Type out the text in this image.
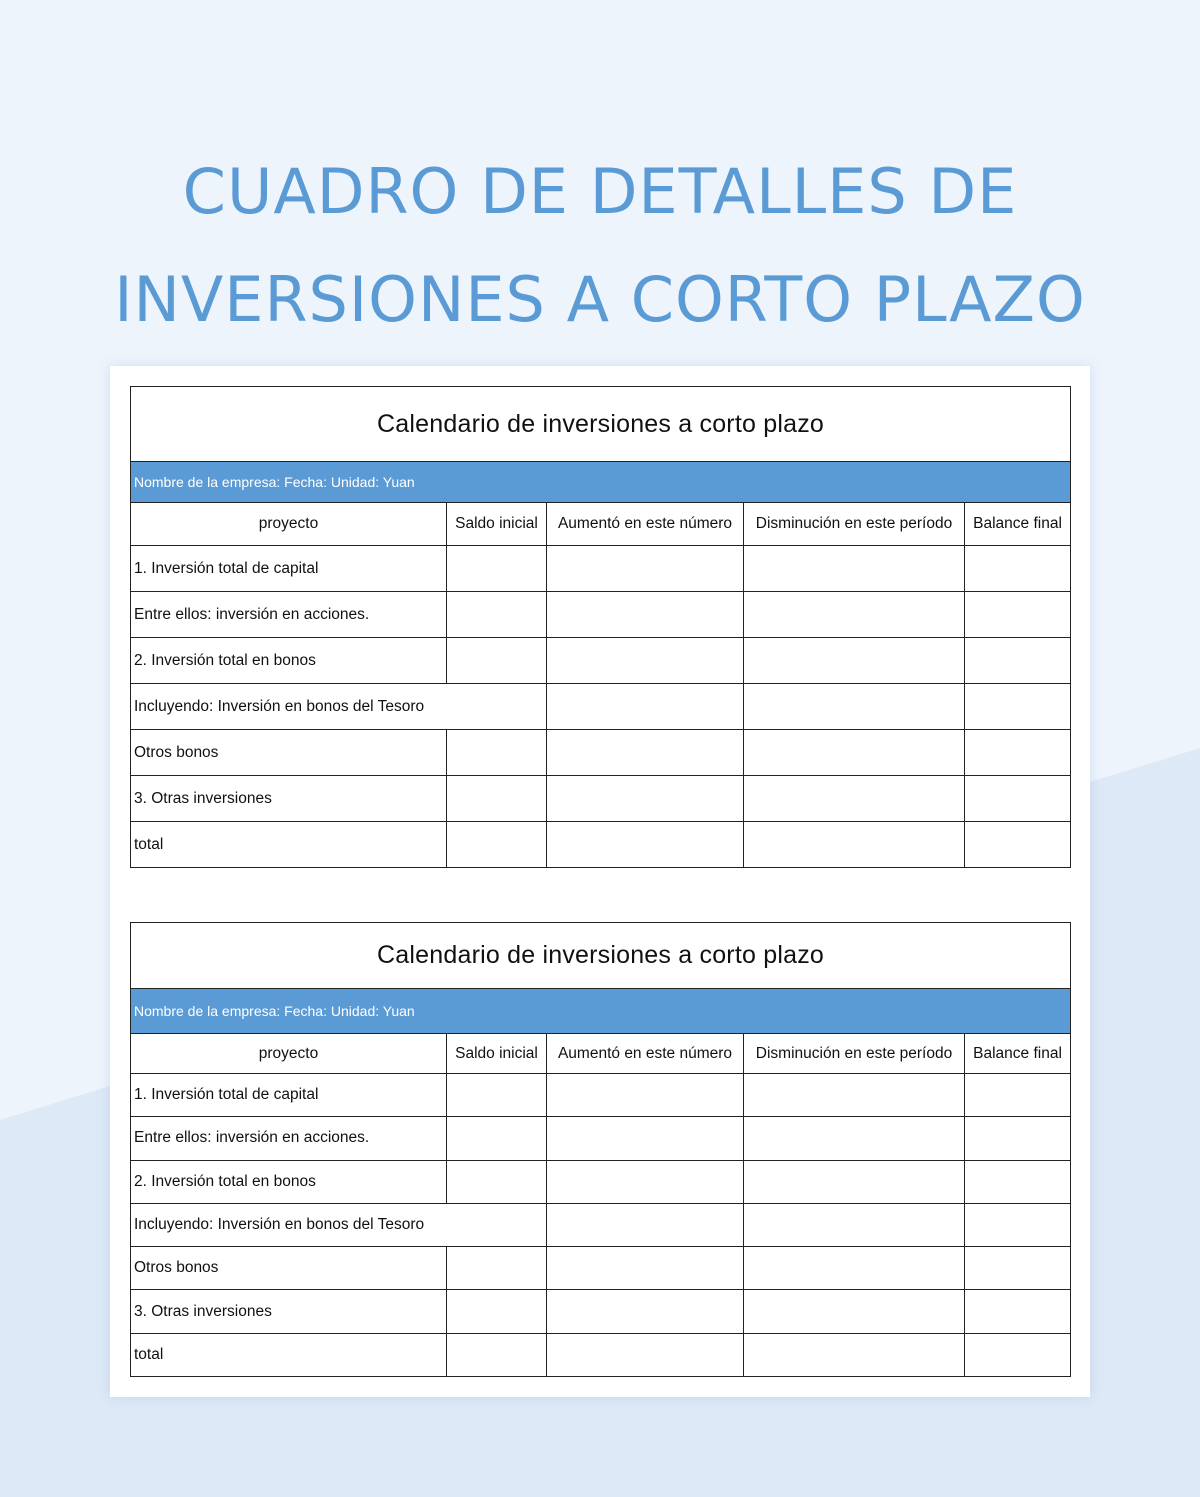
CUADRO DE DETALLES DE
INVERSIONES A CORTO PLAZO
Calendario de inversiones a corto plazo				
Nombre de la empresa: Fecha: Unidad: Yuan				
proyecto	Saldo inicial	Aumentó en este número	Disminución en este período	Balance final
1. Inversión total de capital				
Entre ellos: inversión en acciones.				
2. Inversión total en bonos				
Incluyendo: Inversión en bonos del Tesoro				
Otros bonos				
3. Otras inversiones				
total				
Calendario de inversiones a corto plazo				
Nombre de la empresa: Fecha: Unidad: Yuan				
proyecto	Saldo inicial	Aumentó en este número	Disminución en este período	Balance final
1. Inversión total de capital				
Entre ellos: inversión en acciones.				
2. Inversión total en bonos				
Incluyendo: Inversión en bonos del Tesoro				
Otros bonos				
3. Otras inversiones				
total				
